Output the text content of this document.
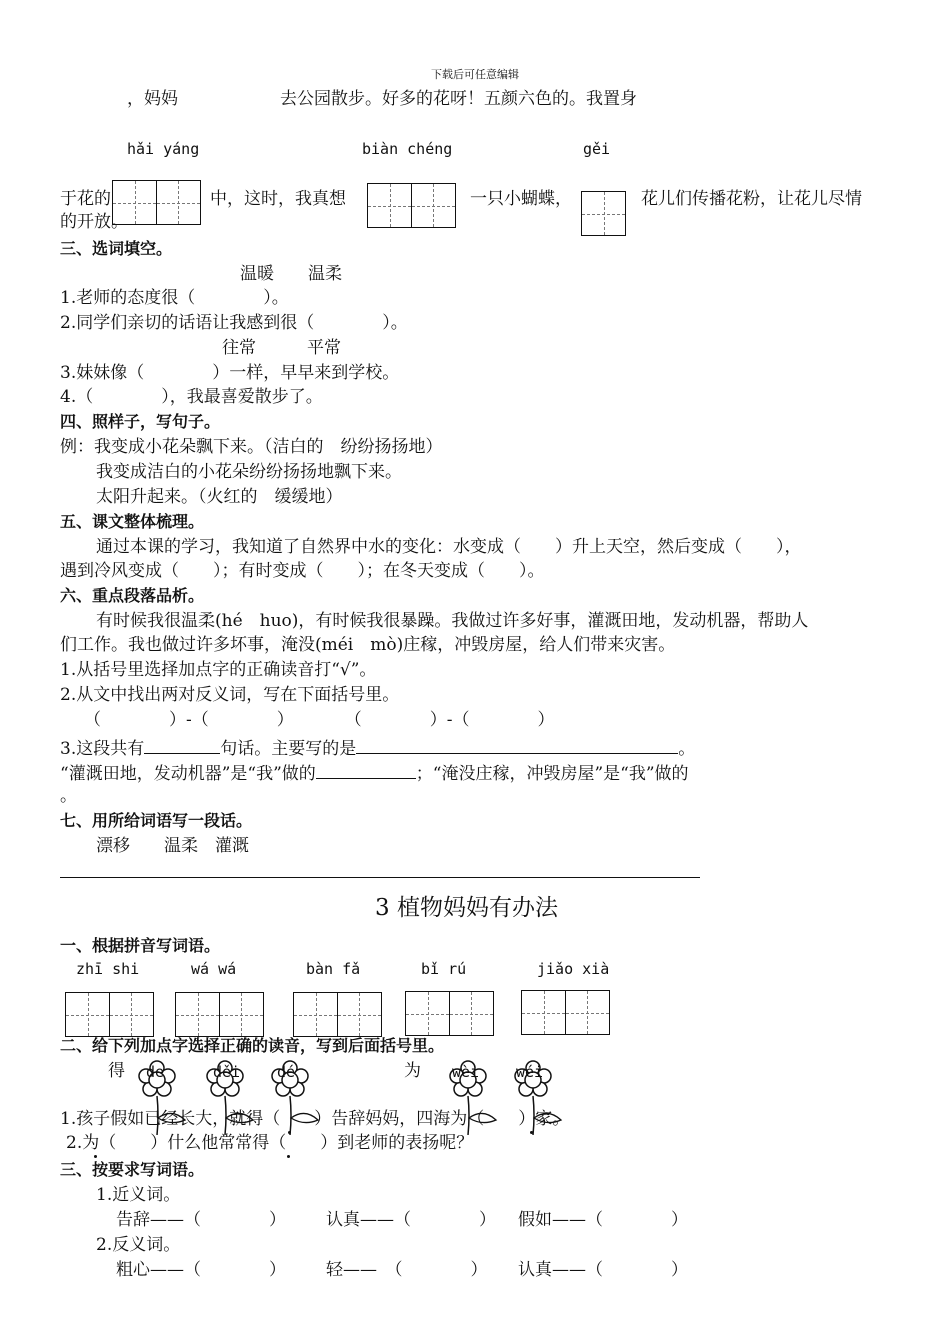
下载后可任意编辑
，妈妈　　　　　　去公园散步。好多的花呀！五颜六色的。我置身
hǎi yáng	biàn chéng	gěi
于花的	中，这时，我真想	一只小蝴蝶，	花儿们传播花粉，让花儿尽情
的开放。
三、选词填空。
温暖　　温柔
1.老师的态度很（　　　　）。
2.同学们亲切的话语让我感到很（　　　　）。
往常　　　平常
3.妹妹像（　　　　）一样，早早来到学校。
4.（　　　　），我最喜爱散步了。
四、照样子，写句子。
例：我变成小花朵飘下来。（洁白的　纷纷扬扬地）
我变成洁白的小花朵纷纷扬扬地飘下来。
太阳升起来。（火红的　缓缓地）
五、课文整体梳理。
通过本课的学习，我知道了自然界中水的变化：水变成（　　）升上天空，然后变成（　　），
遇到冷风变成（　　）；有时变成（　　）；在冬天变成（　　）。
六、重点段落品析。
有时候我很温柔(hé　huo)，有时候我很暴躁。我做过许多好事，灌溉田地，发动机器，帮助人
们工作。我也做过许多坏事，淹没(méi　mò)庄稼，冲毁房屋，给人们带来灾害。
1.从括号里选择加点字的正确读音打“√”。
2.从文中找出两对反义词，写在下面括号里。
（　　　　）-（　　　　）　　　　（　　　　）-（　　　　）
3.这段共有	句话。主要写的是	。
“灌溉田地，发动机器”是“我”做的	；“淹没庄稼，冲毁房屋”是“我”做的
。
七、用所给词语写一段话。
漂移　　温柔　灌溉
3 植物妈妈有办法
一、根据拼音写词语。
zhī shi	wá wá	bàn fǎ	bǐ rú	jiǎo xià
二、给下列加点字选择正确的读音，写到后面括号里。
得 de	děi dé	为 wèi wéi
1.孩子假如已经长大，就得（　　）告辞妈妈，四海为（　　）家。
2.为（　　）什么他常常得（　　）到老师的表扬呢？
三、按要求写词语。
1.近义词。
告辞——（　　　　） 认真——（　　　　） 假如——（　　　　）
2.反义词。
粗心——（　　　　） 轻——　（　　　　） 认真——（　　　　）
